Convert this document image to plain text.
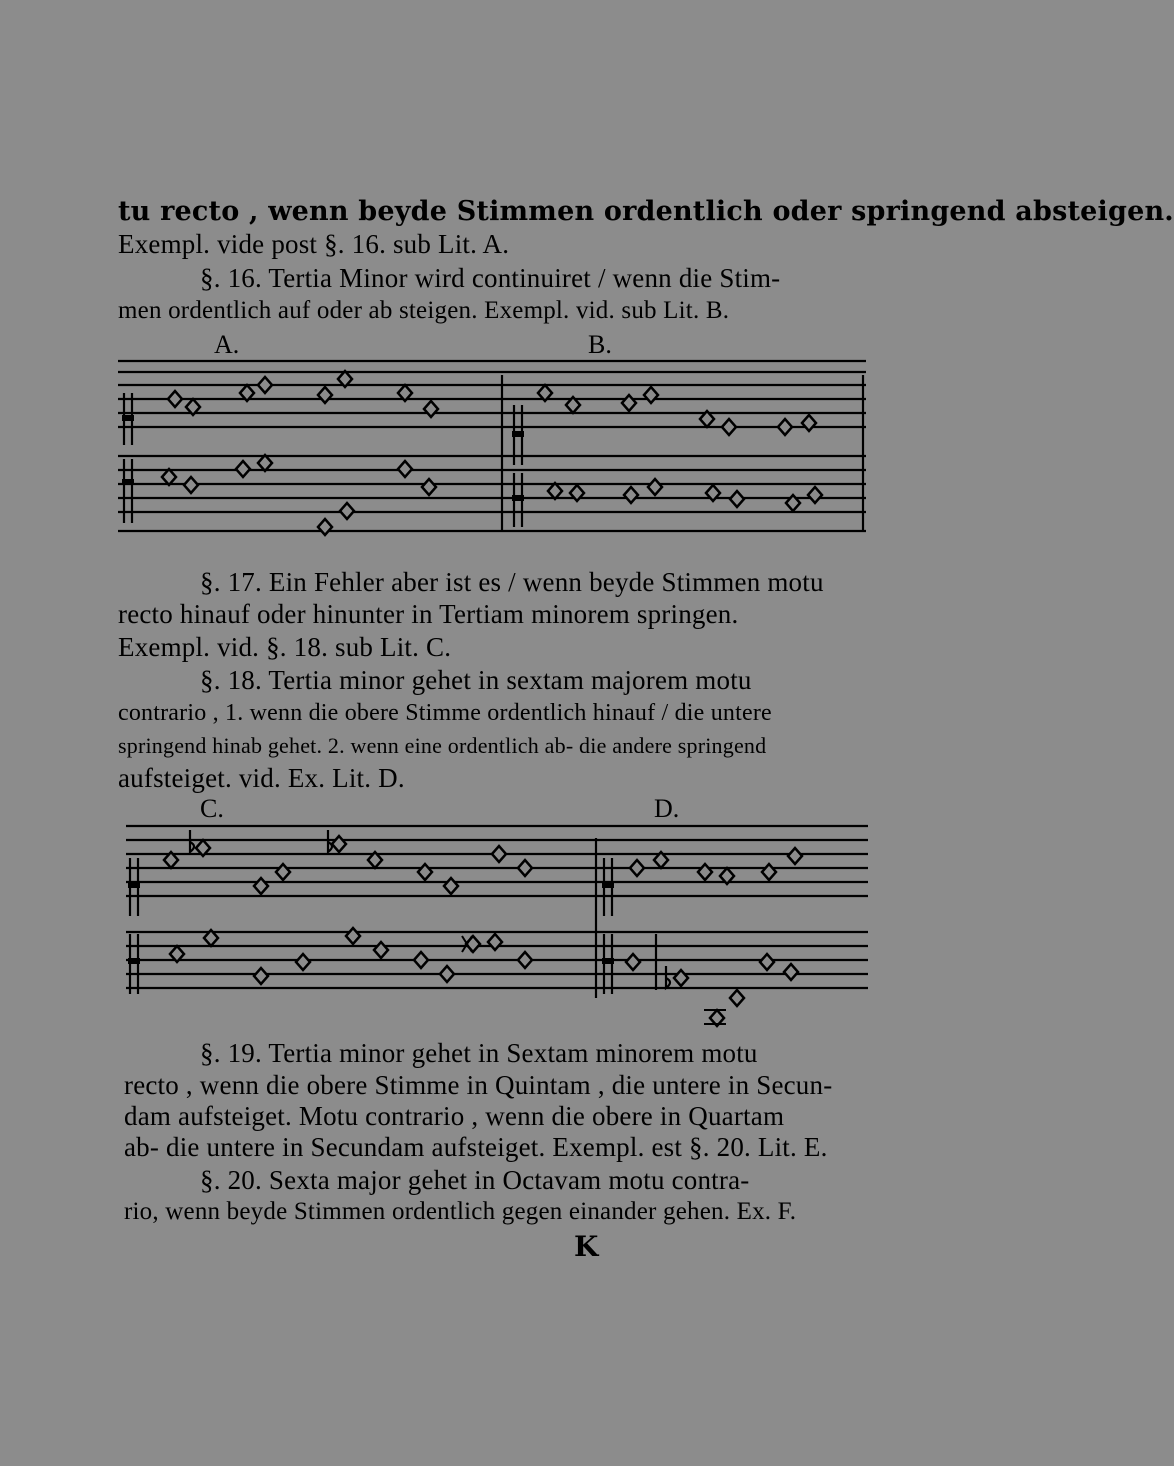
tu recto , wenn beyde Stimmen ordentlich oder springend absteigen.
Exempl. vide post §. 16. sub Lit. A.
§. 16. Tertia Minor wird continuiret / wenn die Stim-
men ordentlich auf oder ab steigen. Exempl. vid. sub Lit. B.
A.	B.
§. 17. Ein Fehler aber ist es / wenn beyde Stimmen motu
recto hinauf oder hinunter in Tertiam minorem springen.
Exempl. vid. §. 18. sub Lit. C.
§. 18. Tertia minor gehet in sextam majorem motu
contrario , 1. wenn die obere Stimme ordentlich hinauf / die untere
springend hinab gehet. 2. wenn eine ordentlich ab- die andere springend
aufsteiget. vid. Ex. Lit. D.
C.	D.
§. 19. Tertia minor gehet in Sextam minorem motu
recto , wenn die obere Stimme in Quintam , die untere in Secun-
dam aufsteiget. Motu contrario , wenn die obere in Quartam
ab- die untere in Secundam aufsteiget. Exempl. est §. 20. Lit. E.
§. 20. Sexta major gehet in Octavam motu contra-
rio, wenn beyde Stimmen ordentlich gegen einander gehen. Ex. F.
K
